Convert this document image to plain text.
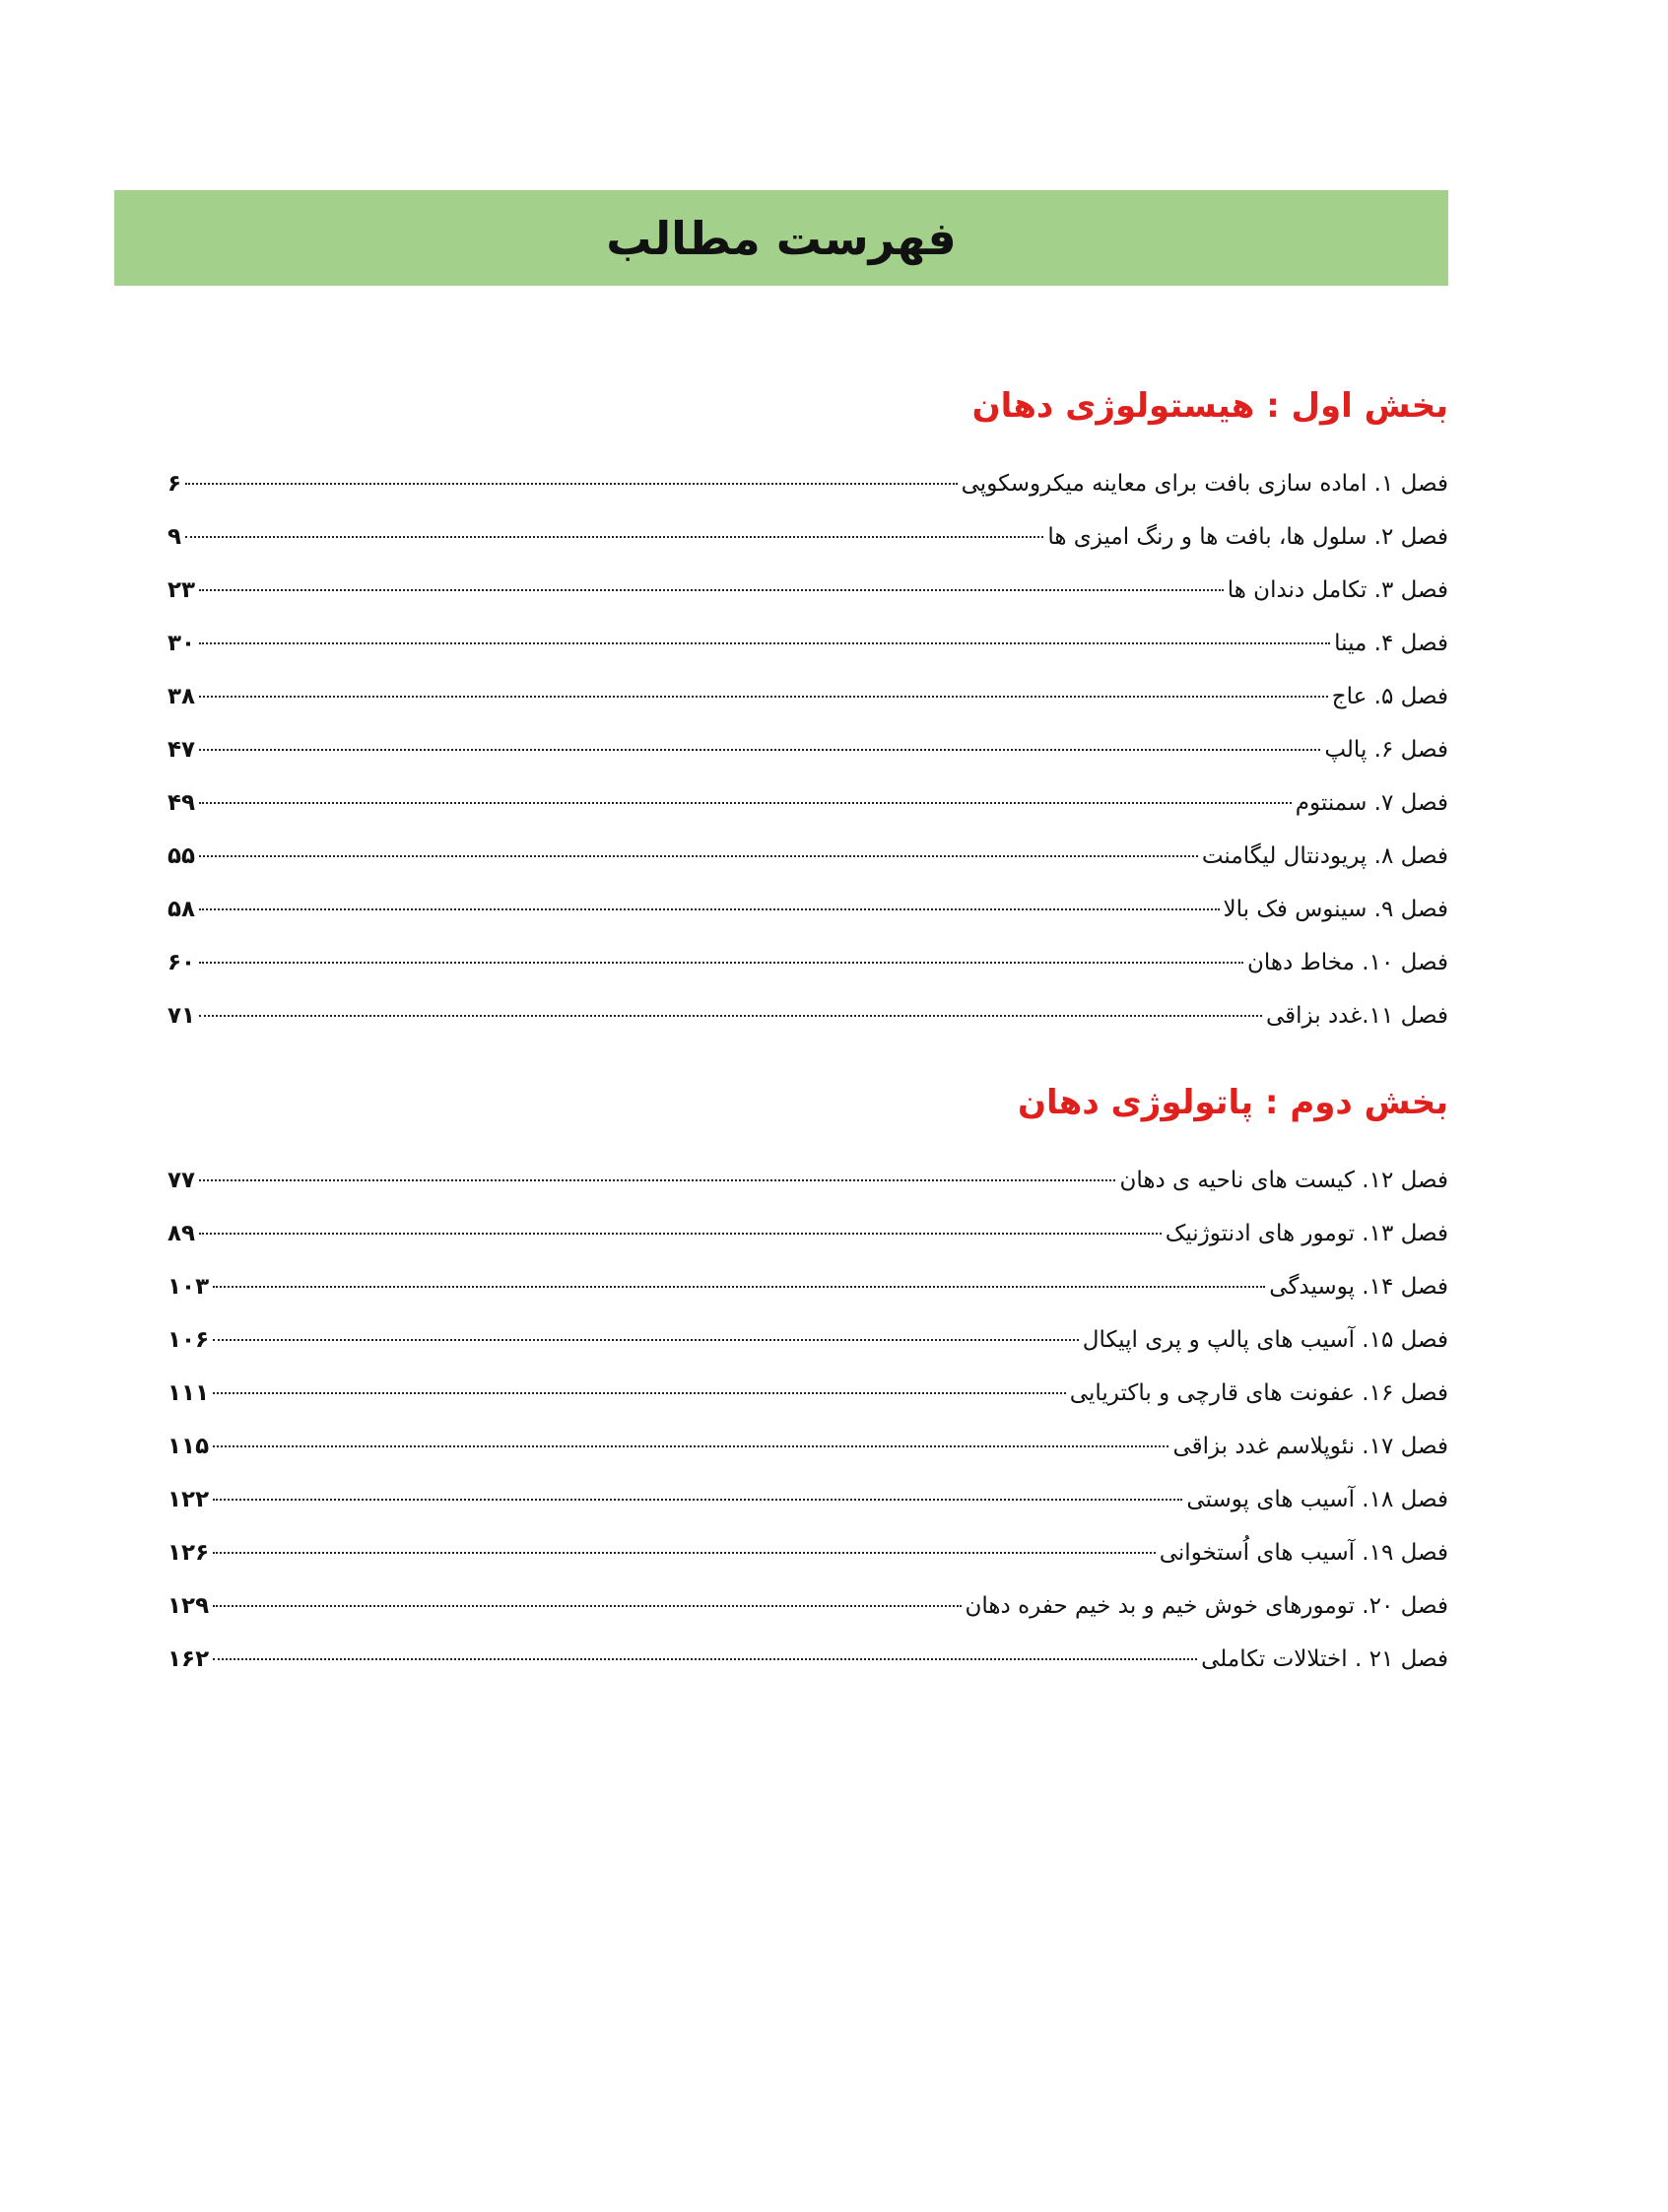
فهرست مطالب
بخش اول : هیستولوژی دهان
فصل ۱. اماده سازی بافت برای معاینه میکروسکوپی
۶
فصل ۲. سلول ها، بافت ها و رنگ امیزی ها
۹
فصل ۳. تکامل دندان ها
۲۳
فصل ۴. مینا
۳۰
فصل ۵. عاج
۳۸
فصل ۶. پالپ
۴۷
فصل ۷. سمنتوم
۴۹
فصل ۸. پریودنتال لیگامنت
۵۵
فصل ۹. سینوس فک بالا
۵۸
فصل ۱۰. مخاط دهان
۶۰
فصل ۱۱.غدد بزاقی
۷۱
بخش دوم : پاتولوژی دهان
فصل ۱۲. کیست های ناحیه ی دهان
۷۷
فصل ۱۳. تومور های ادنتوژنیک
۸۹
فصل ۱۴. پوسیدگی
۱۰۳
فصل ۱۵. آسیب های پالپ و پری اپیکال
۱۰۶
فصل ۱۶. عفونت های قارچی و باکتریایی
۱۱۱
فصل ۱۷. نئوپلاسم غدد بزاقی
۱۱۵
فصل ۱۸. آسیب های پوستی
۱۲۲
فصل ۱۹. آسیب های اُستخوانی
۱۲۶
فصل ۲۰. تومورهای خوش خیم و بد خیم حفره دهان
۱۲۹
فصل ۲۱ . اختلالات تکاملی
۱۶۲
